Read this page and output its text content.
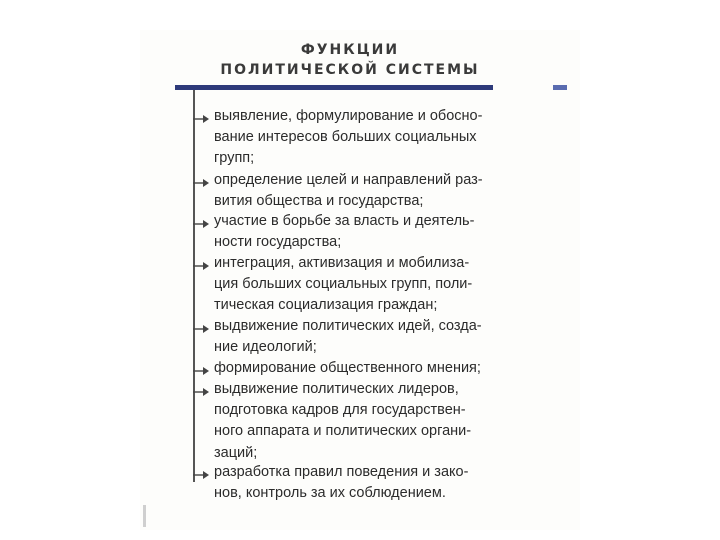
ФУНКЦИИ
ПОЛИТИЧЕСКОЙ СИСТЕМЫ
выявление, формулирование и обосно-
вание интересов больших социальных
групп;
определение целей и направлений раз-
вития общества и государства;
участие в борьбе за власть и деятель-
ности государства;
интеграция, активизация и мобилиза-
ция больших социальных групп, поли-
тическая социализация граждан;
выдвижение политических идей, созда-
ние идеологий;
формирование общественного мнения;
выдвижение политических лидеров,
подготовка кадров для государствен-
ного аппарата и политических органи-
заций;
разработка правил поведения и зако-
нов, контроль за их соблюдением.
